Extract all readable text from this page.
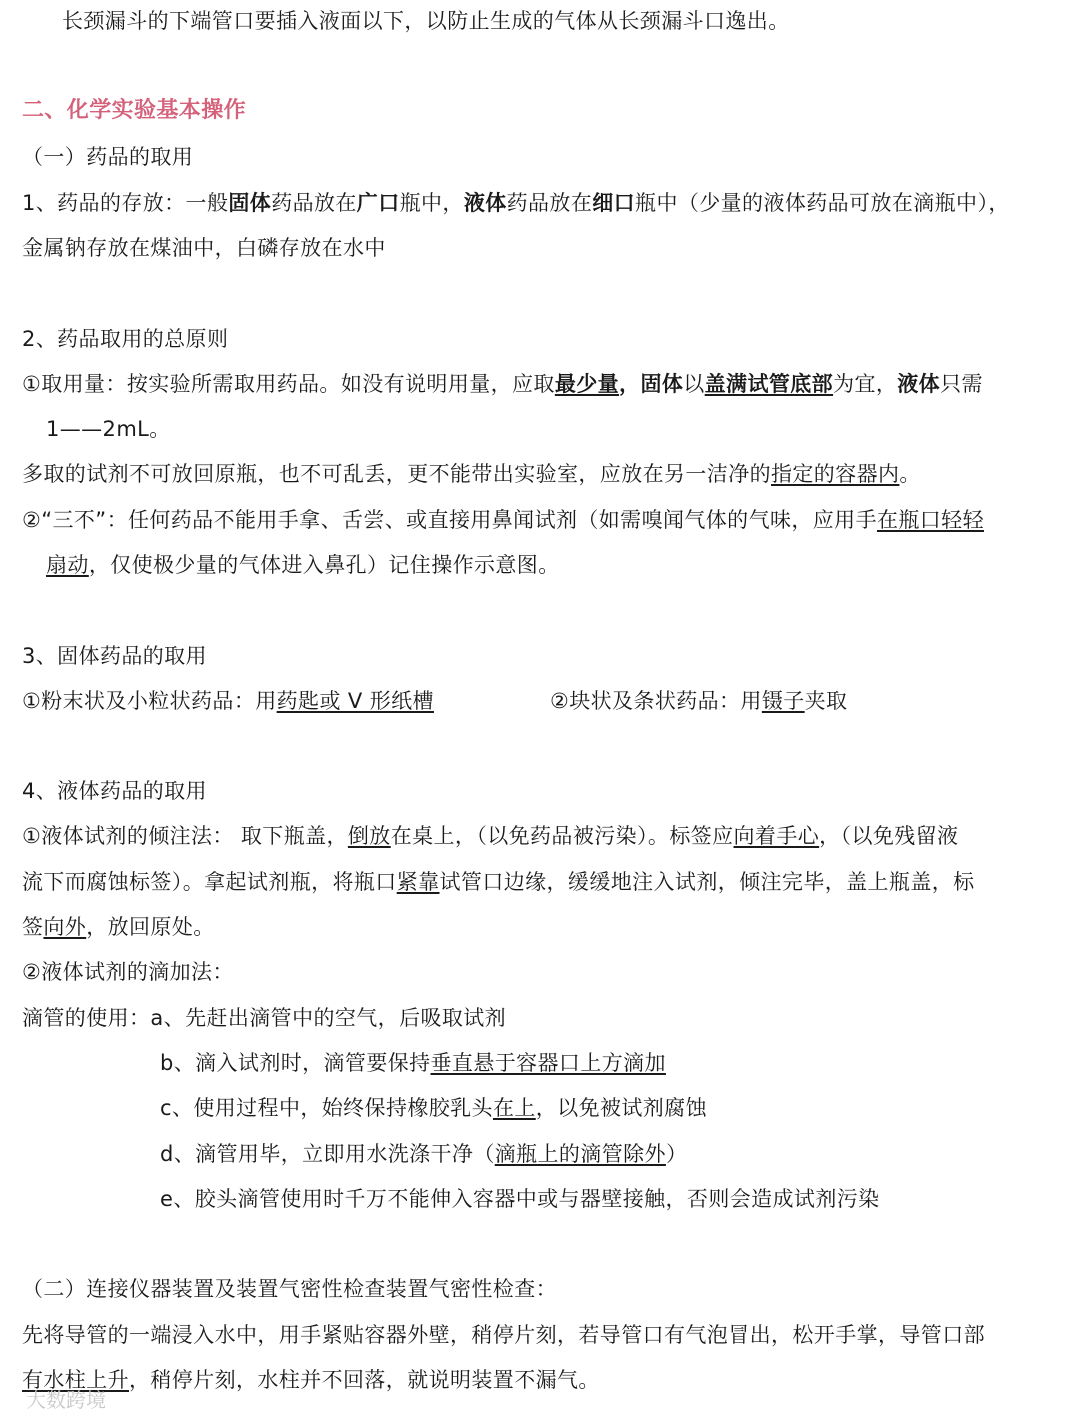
长颈漏斗的下端管口要插入液面以下，以防止生成的气体从长颈漏斗口逸出。
二、化学实验基本操作
（一）药品的取用
1、药品的存放：一般固体药品放在广口瓶中，液体药品放在细口瓶中（少量的液体药品可放在滴瓶中），
金属钠存放在煤油中，白磷存放在水中
2、药品取用的总原则
①取用量：按实验所需取用药品。如没有说明用量，应取最少量，固体以盖满试管底部为宜，液体只需
1——2mL。
多取的试剂不可放回原瓶，也不可乱丢，更不能带出实验室，应放在另一洁净的指定的容器内。
②“三不”：任何药品不能用手拿、舌尝、或直接用鼻闻试剂（如需嗅闻气体的气味，应用手在瓶口轻轻
扇动，仅使极少量的气体进入鼻孔）记住操作示意图。
3、固体药品的取用
①粉末状及小粒状药品：用药匙或 V 形纸槽	②块状及条状药品：用镊子夹取
4、液体药品的取用
①液体试剂的倾注法： 取下瓶盖，倒放在桌上，（以免药品被污染）。标签应向着手心，（以免残留液
流下而腐蚀标签）。拿起试剂瓶，将瓶口紧靠试管口边缘，缓缓地注入试剂，倾注完毕，盖上瓶盖，标
签向外，放回原处。
②液体试剂的滴加法：
滴管的使用：a、先赶出滴管中的空气，后吸取试剂
b、滴入试剂时，滴管要保持垂直悬于容器口上方滴加
c、使用过程中，始终保持橡胶乳头在上，以免被试剂腐蚀
d、滴管用毕，立即用水洗涤干净（滴瓶上的滴管除外）
e、胶头滴管使用时千万不能伸入容器中或与器壁接触，否则会造成试剂污染
（二）连接仪器装置及装置气密性检查装置气密性检查：
先将导管的一端浸入水中，用手紧贴容器外壁，稍停片刻，若导管口有气泡冒出，松开手掌，导管口部
有水柱上升，稍停片刻，水柱并不回落，就说明装置不漏气。
大数跨境
